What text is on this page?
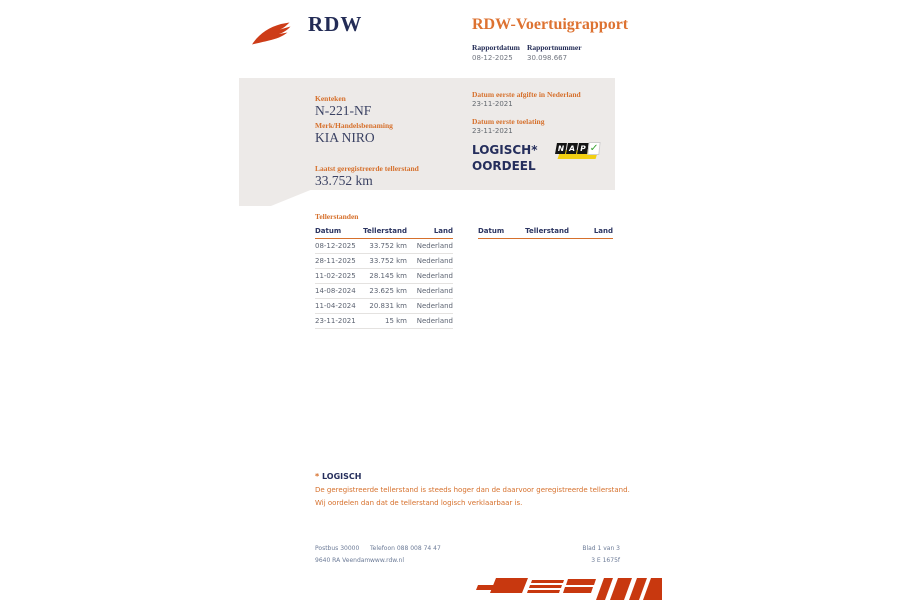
RDW	RDW-Voertuigrapport
Rapportdatum Rapportnummer
08-12-2025 30.098.667
Kenteken
N-221-NF
Merk/Handelsbenaming
KIA NIRO
Laatst geregistreerde tellerstand
33.752 km
Datum eerste afgifte in Nederland
23-11-2021
Datum eerste toelating
23-11-2021
LOGISCH*
OORDEEL
N A P ✓
Tellerstanden
Datum	Tellerstand	Land
08-12-2025	33.752 km	Nederland
28-11-2025	33.752 km	Nederland
11-02-2025	28.145 km	Nederland
14-08-2024	23.625 km	Nederland
11-04-2024	20.831 km	Nederland
23-11-2021	15 km	Nederland
Datum	Tellerstand	Land
* LOGISCH
De geregistreerde tellerstand is steeds hoger dan de daarvoor geregistreerde tellerstand. Wij oordelen dan dat de tellerstand logisch verklaarbaar is.
Postbus 30000
9640 RA Veendam
Telefoon 088 008 74 47
www.rdw.nl
Blad 1 van 3
3 E 1675f
